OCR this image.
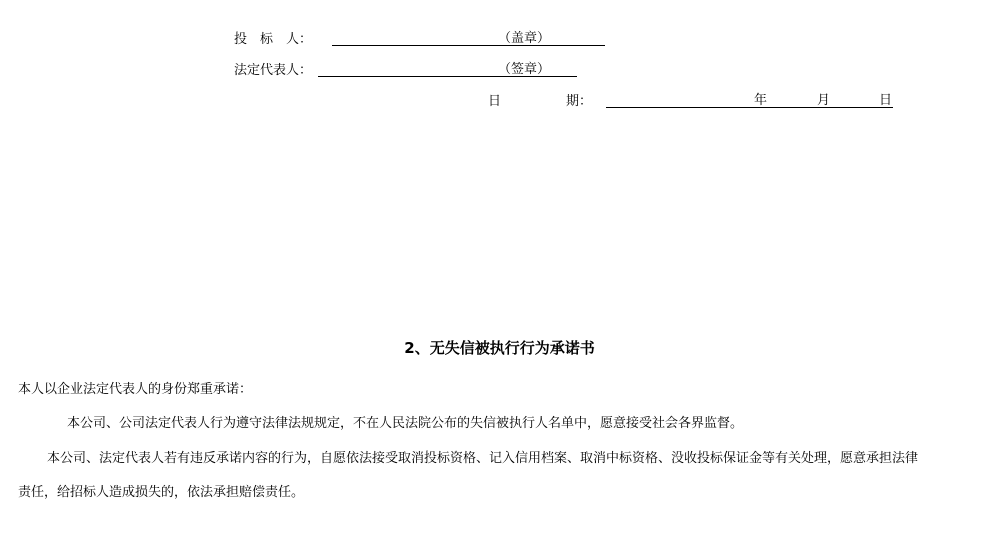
投　标　人：	（盖章）
法定代表人：	（签章）
日　　　　　期：	年	月	日
2、无失信被执行行为承诺书
本人以企业法定代表人的身份郑重承诺：
本公司、公司法定代表人行为遵守法律法规规定，不在人民法院公布的失信被执行人名单中，愿意接受社会各界监督。
本公司、法定代表人若有违反承诺内容的行为，自愿依法接受取消投标资格、记入信用档案、取消中标资格、没收投标保证金等有关处理，愿意承担法律
责任，给招标人造成损失的，依法承担赔偿责任。
